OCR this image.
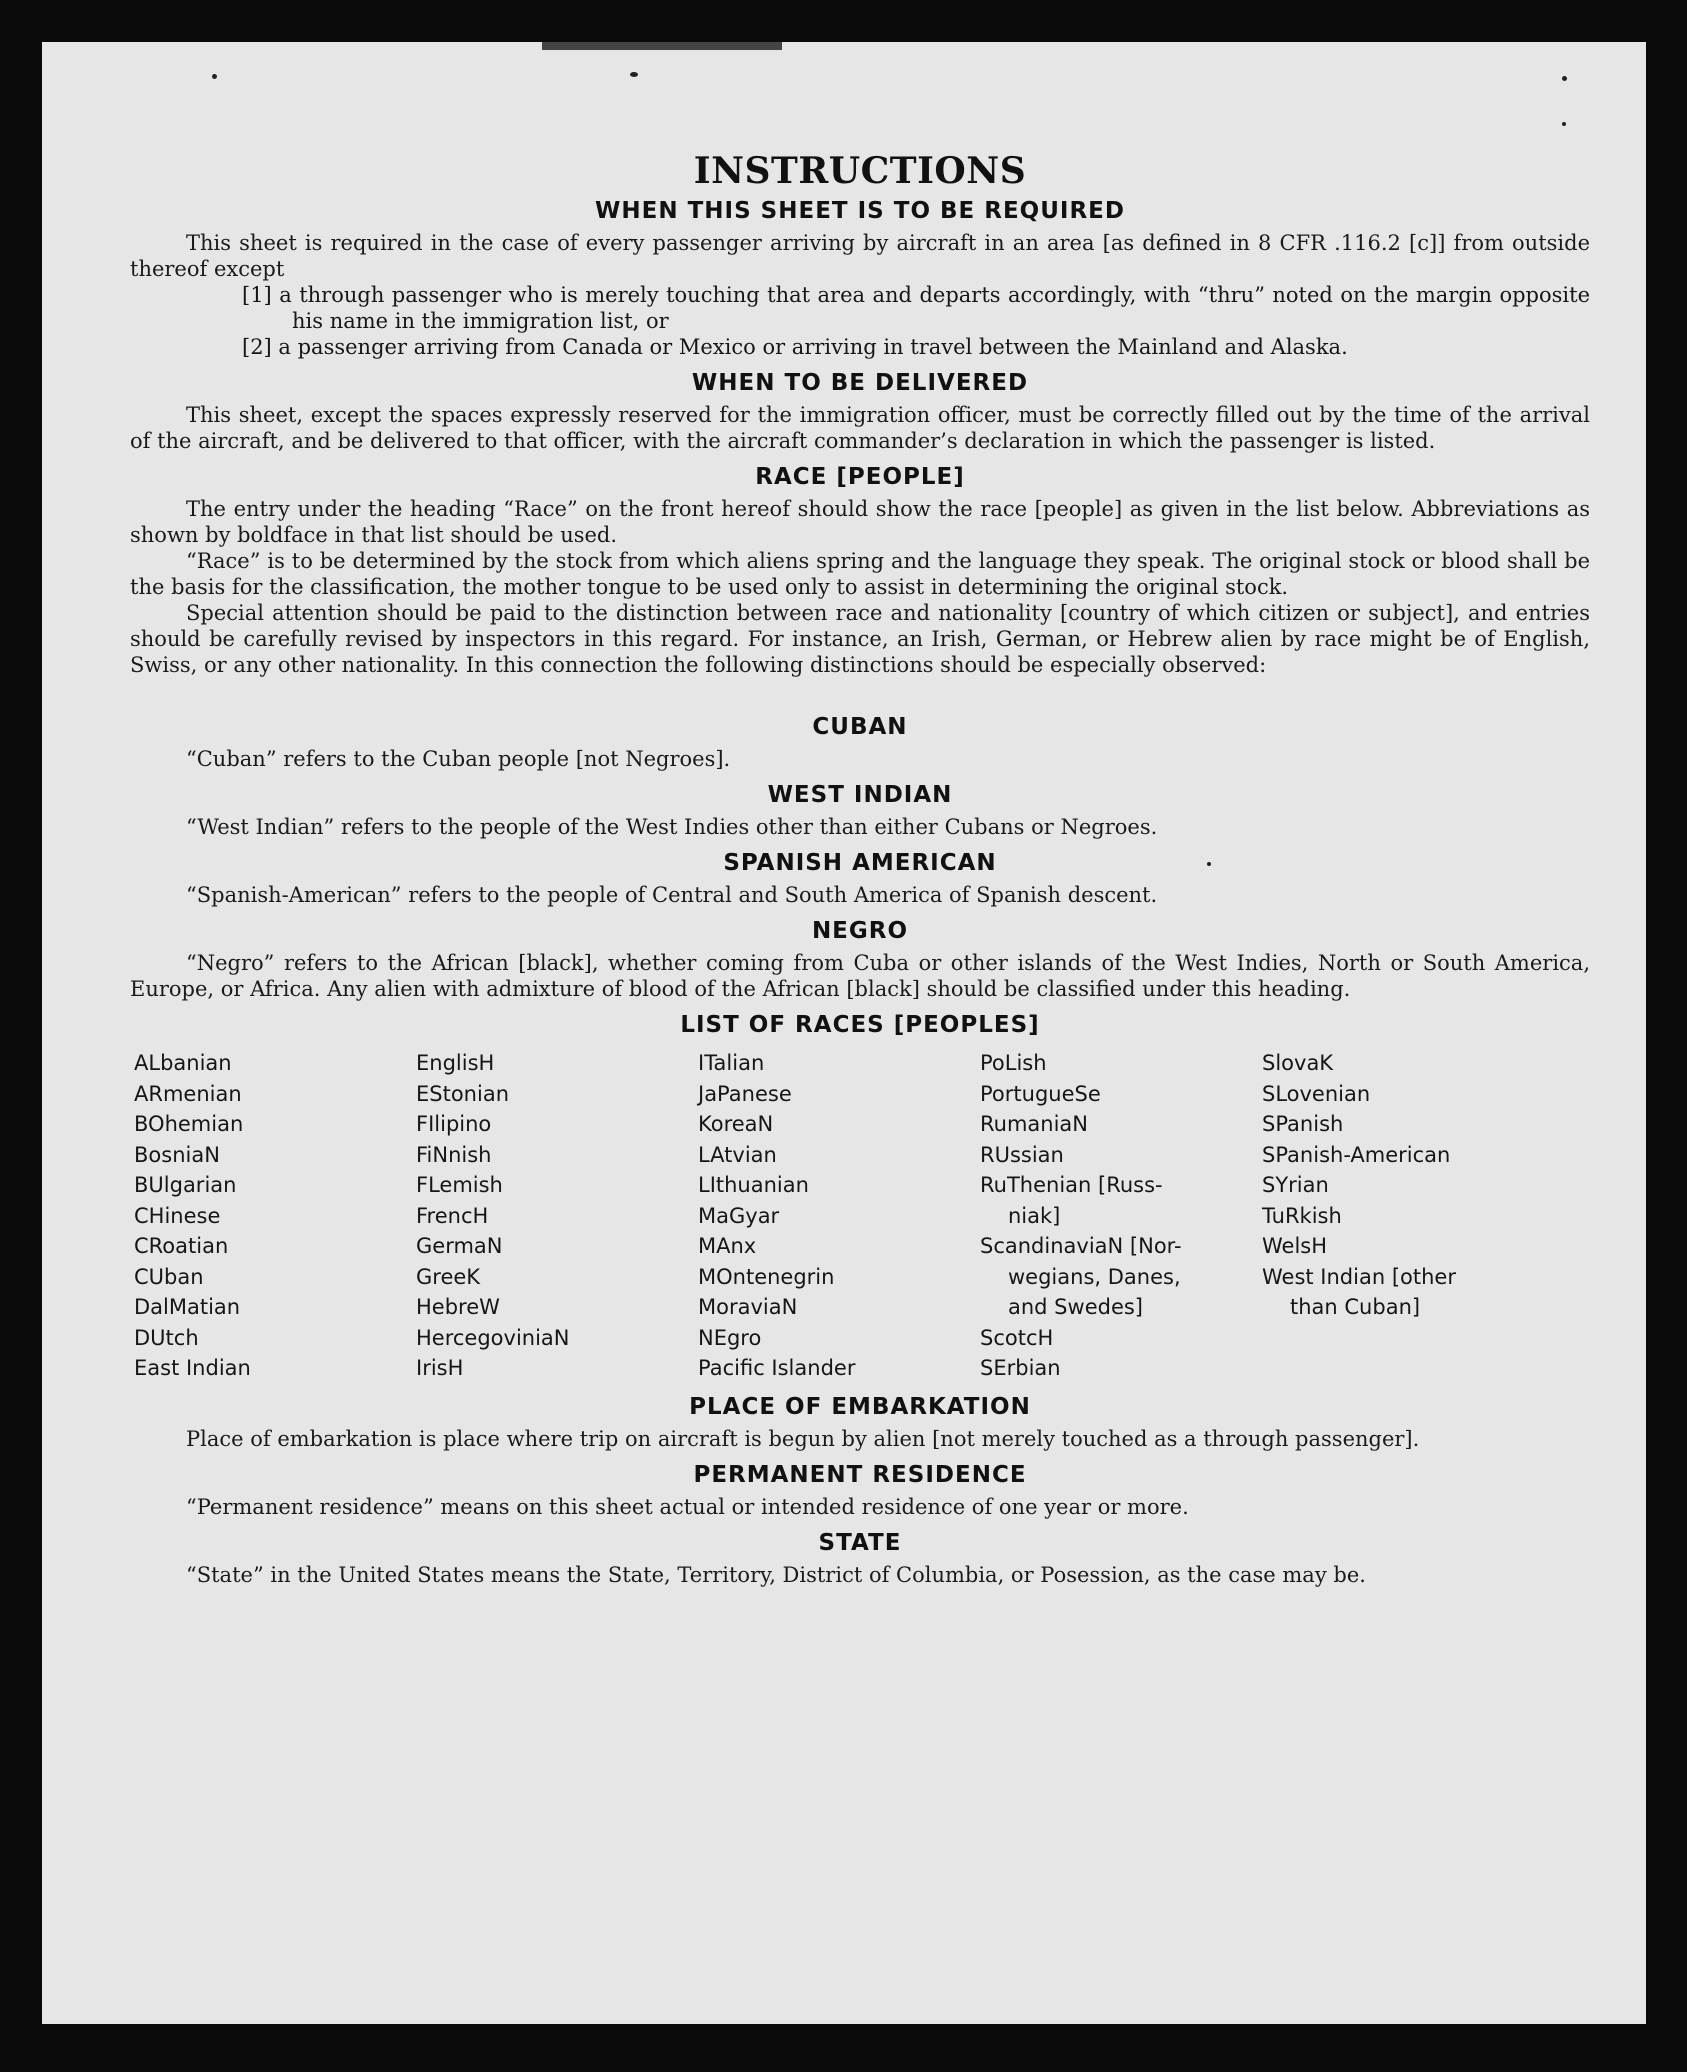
INSTRUCTIONS
WHEN THIS SHEET IS TO BE REQUIRED

This sheet is required in the case of every passenger arriving by aircraft in an area [as defined in 8 CFR .116.2 [c]] from outside thereof except

[1] a through passenger who is merely touching that area and departs accordingly, with “thru” noted on the margin opposite his name in the immigration list, or

[2] a passenger arriving from Canada or Mexico or arriving in travel between the Mainland and Alaska.

WHEN TO BE DELIVERED

This sheet, except the spaces expressly reserved for the immigration officer, must be correctly filled out by the time of the arrival of the aircraft, and be delivered to that officer, with the aircraft commander’s declaration in which the passenger is listed.

RACE [PEOPLE]

The entry under the heading “Race” on the front hereof should show the race [people] as given in the list below. Abbreviations as shown by boldface in that list should be used.

“Race” is to be determined by the stock from which aliens spring and the language they speak. The original stock or blood shall be the basis for the classification, the mother tongue to be used only to assist in determining the original stock.

Special attention should be paid to the distinction between race and nationality [country of which citizen or subject], and entries should be carefully revised by inspectors in this regard. For instance, an Irish, German, or Hebrew alien by race might be of English, Swiss, or any other nationality. In this connection the following distinctions should be especially observed:

CUBAN

“Cuban” refers to the Cuban people [not Negroes].

WEST INDIAN

“West Indian” refers to the people of the West Indies other than either Cubans or Negroes.

SPANISH AMERICAN

“Spanish-American” refers to the people of Central and South America of Spanish descent.

NEGRO

“Negro” refers to the African [black], whether coming from Cuba or other islands of the West Indies, North or South America, Europe, or Africa. Any alien with admixture of blood of the African [black] should be classified under this heading.

LIST OF RACES [PEOPLES]
ALbanian
ARmenian
BOhemian
BosniaN
BUlgarian
CHinese
CRoatian
CUban
DalMatian
DUtch
East Indian
EnglisH
EStonian
FIlipino
FiNnish
FLemish
FrencH
GermaN
GreeK
HebreW
HercegoviniaN
IrisH
ITalian
JaPanese
KoreaN
LAtvian
LIthuanian
MaGyar
MAnx
MOntenegrin
MoraviaN
NEgro
Pacific Islander
PoLish
PortugueSe
RumaniaN
RUssian
RuThenian [Russ-
niak]
ScandinaviaN [Nor-
wegians, Danes,
and Swedes]
ScotcH
SErbian
SlovaK
SLovenian
SPanish
SPanish-American
SYrian
TuRkish
WelsH
West Indian [other
than Cuban]
PLACE OF EMBARKATION

Place of embarkation is place where trip on aircraft is begun by alien [not merely touched as a through passenger].

PERMANENT RESIDENCE

“Permanent residence” means on this sheet actual or intended residence of one year or more.

STATE

“State” in the United States means the State, Territory, District of Columbia, or Posession, as the case may be.
